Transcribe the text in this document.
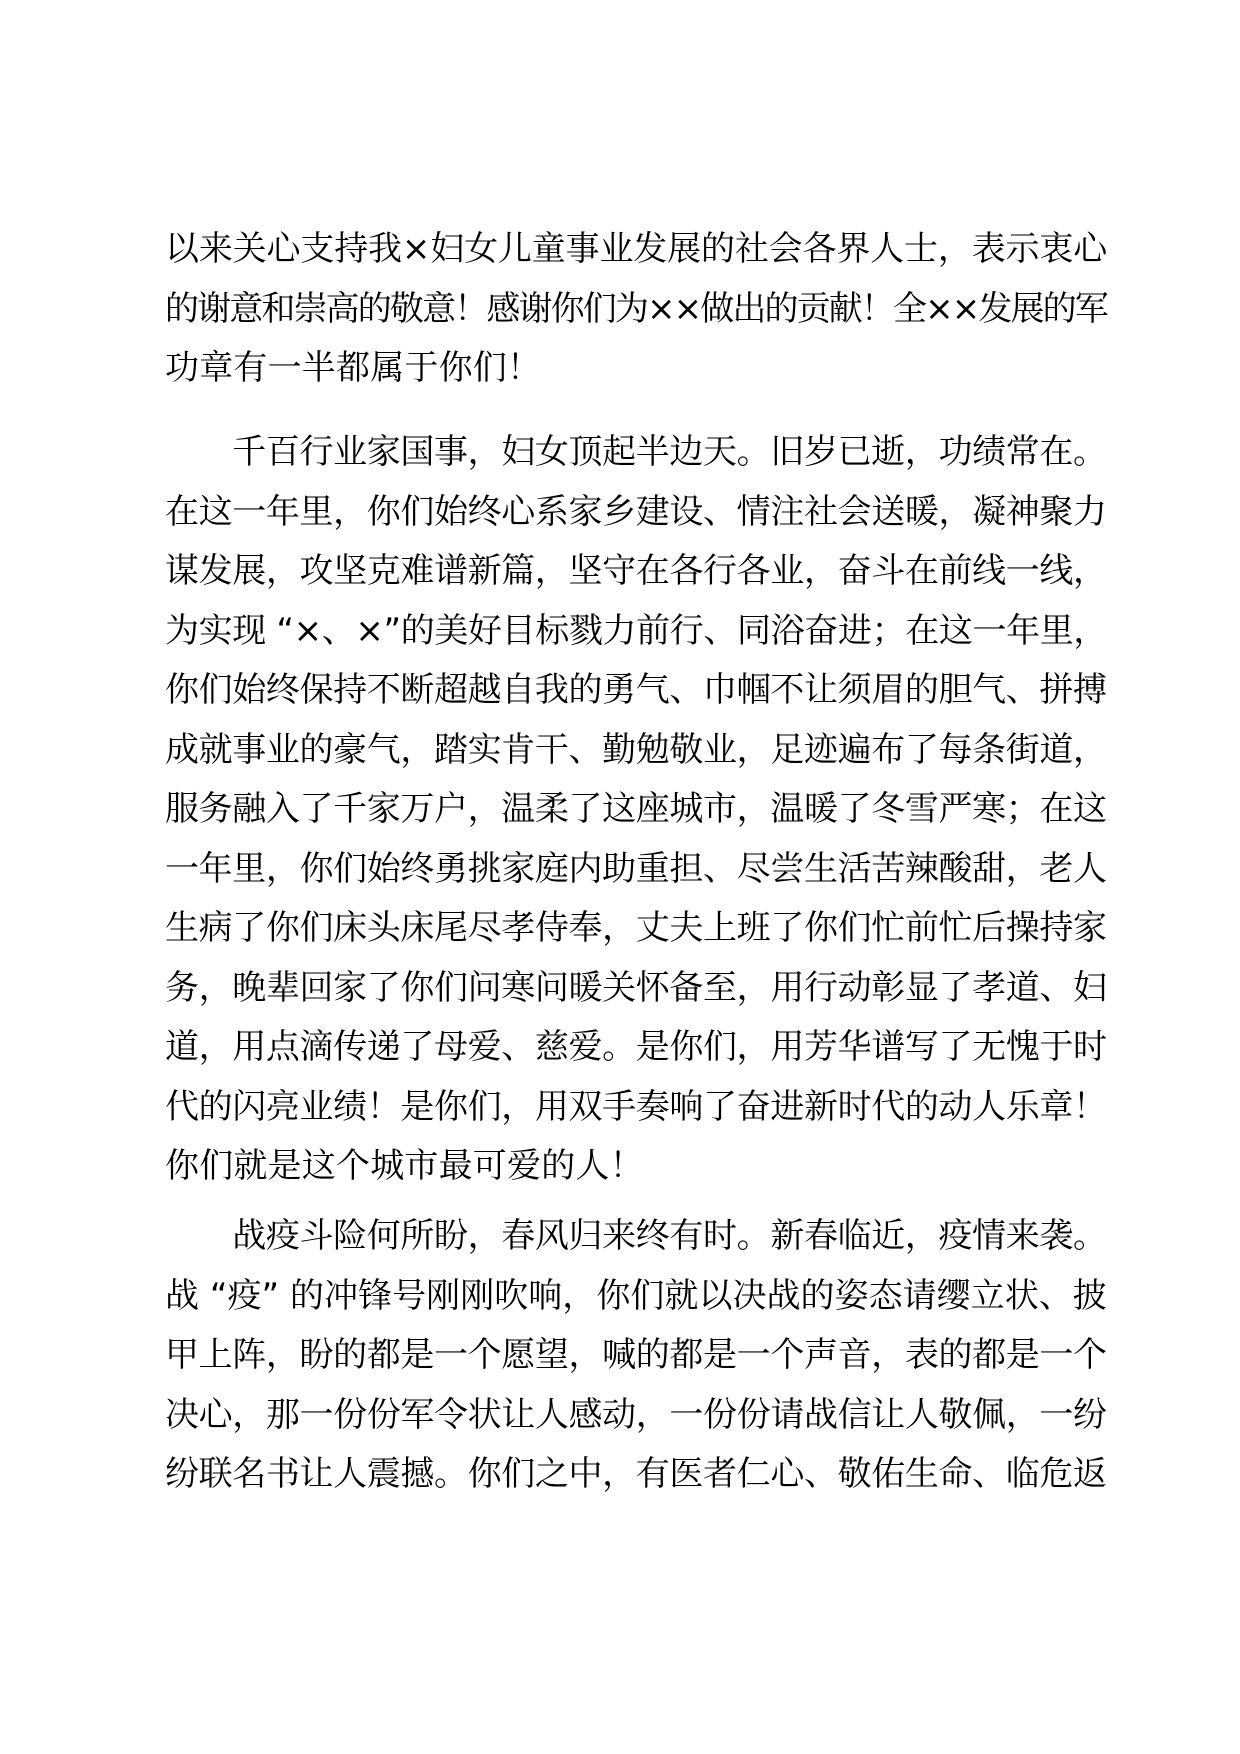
以来关心支持我×妇女儿童事业发展的社会各界人士，表示衷心
的谢意和崇高的敬意！感谢你们为××做出的贡献！全××发展的军
功章有一半都属于你们！
　　千百行业家国事，妇女顶起半边天。旧岁已逝，功绩常在。
在这一年里，你们始终心系家乡建设、情注社会送暖，凝神聚力
谋发展，攻坚克难谱新篇，坚守在各行各业，奋斗在前线一线，
为实现 “×、×”的美好目标戮力前行、同浴奋进；在这一年里，
你们始终保持不断超越自我的勇气、巾帼不让须眉的胆气、拼搏
成就事业的豪气，踏实肯干、勤勉敬业，足迹遍布了每条街道，
服务融入了千家万户，温柔了这座城市，温暖了冬雪严寒；在这
一年里，你们始终勇挑家庭内助重担、尽尝生活苦辣酸甜，老人
生病了你们床头床尾尽孝侍奉，丈夫上班了你们忙前忙后操持家
务，晚辈回家了你们问寒问暖关怀备至，用行动彰显了孝道、妇
道，用点滴传递了母爱、慈爱。是你们，用芳华谱写了无愧于时
代的闪亮业绩！是你们，用双手奏响了奋进新时代的动人乐章！
你们就是这个城市最可爱的人！
　　战疫斗险何所盼，春风归来终有时。新春临近，疫情来袭。
战 “疫” 的冲锋号刚刚吹响，你们就以决战的姿态请缨立状、披
甲上阵，盼的都是一个愿望，喊的都是一个声音，表的都是一个
决心，那一份份军令状让人感动，一份份请战信让人敬佩，一纷
纷联名书让人震撼。你们之中，有医者仁心、敬佑生命、临危返
